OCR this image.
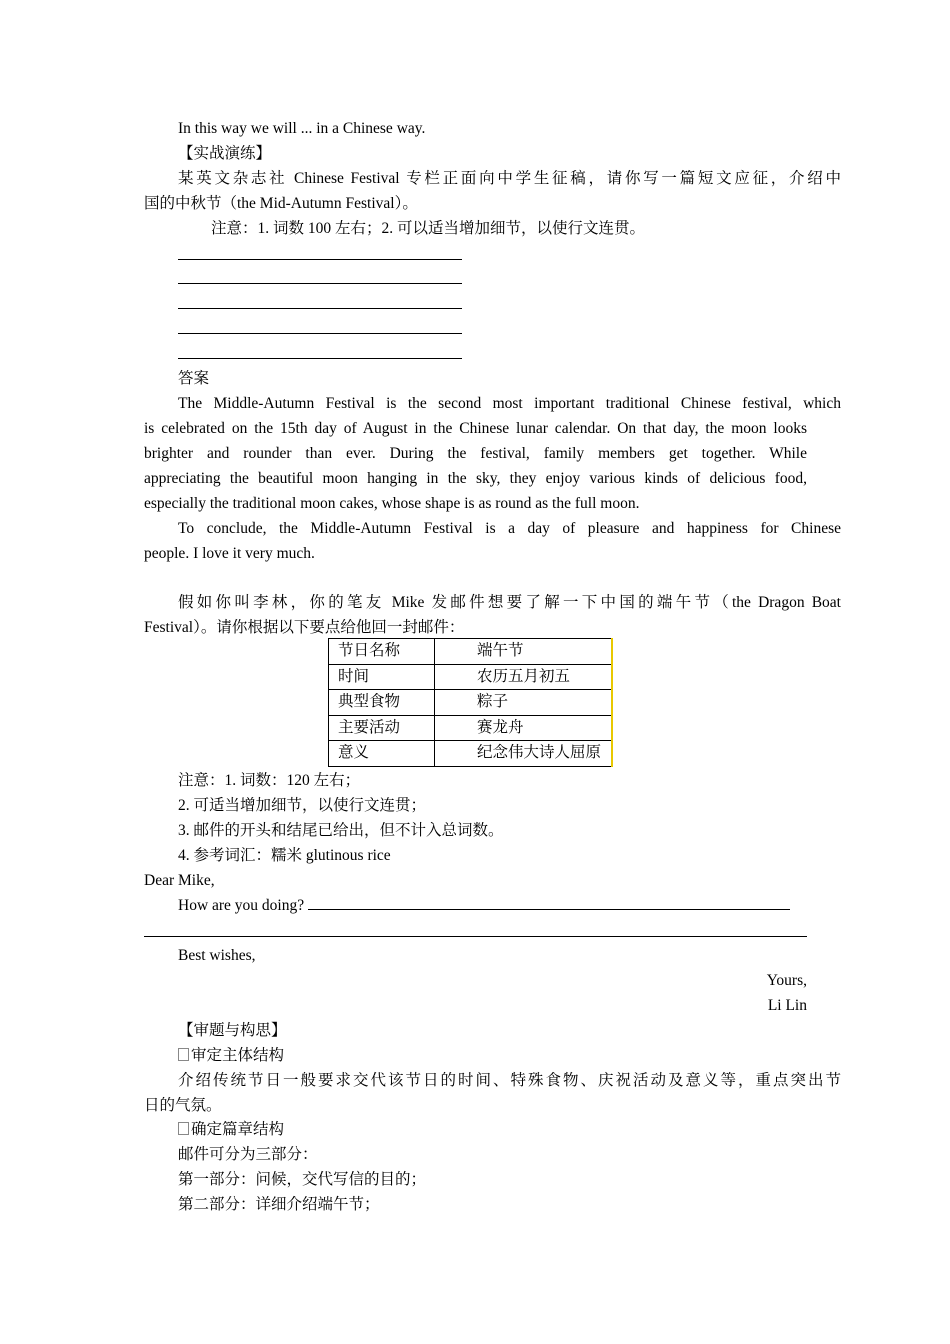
In this way we will ... in a Chinese way.
【实战演练】
某英文杂志社 Chinese Festival 专栏正面向中学生征稿，请你写一篇短文应征，介绍中
国的中秋节（the Mid-Autumn Festival）。
注意：1. 词数 100 左右；2. 可以适当增加细节，以使行文连贯。
答案
The Middle-Autumn Festival is the second most important traditional Chinese festival, which
is celebrated on the 15th day of August in the Chinese lunar calendar. On that day, the moon looks
brighter and rounder than ever. During the festival, family members get together. While
appreciating the beautiful moon hanging in the sky, they enjoy various kinds of delicious food,
especially the traditional moon cakes, whose shape is as round as the full moon.
To conclude, the Middle-Autumn Festival is a day of pleasure and happiness for Chinese
people. I love it very much.
假如你叫李林，你的笔友 Mike 发邮件想要了解一下中国的端午节（the Dragon Boat
Festival）。请你根据以下要点给他回一封邮件：
节日名称	端午节
时间	农历五月初五
典型食物	粽子
主要活动	赛龙舟
意义	纪念伟大诗人屈原
注意：1. 词数：120 左右；
2. 可适当增加细节，以使行文连贯；
3. 邮件的开头和结尾已给出，但不计入总词数。
4. 参考词汇：糯米 glutinous rice
Dear Mike,
How are you doing?
Best wishes,
Yours,
Li Lin
【审题与构思】
审定主体结构
介绍传统节日一般要求交代该节日的时间、特殊食物、庆祝活动及意义等，重点突出节
日的气氛。
确定篇章结构
邮件可分为三部分：
第一部分：问候，交代写信的目的；
第二部分：详细介绍端午节；
